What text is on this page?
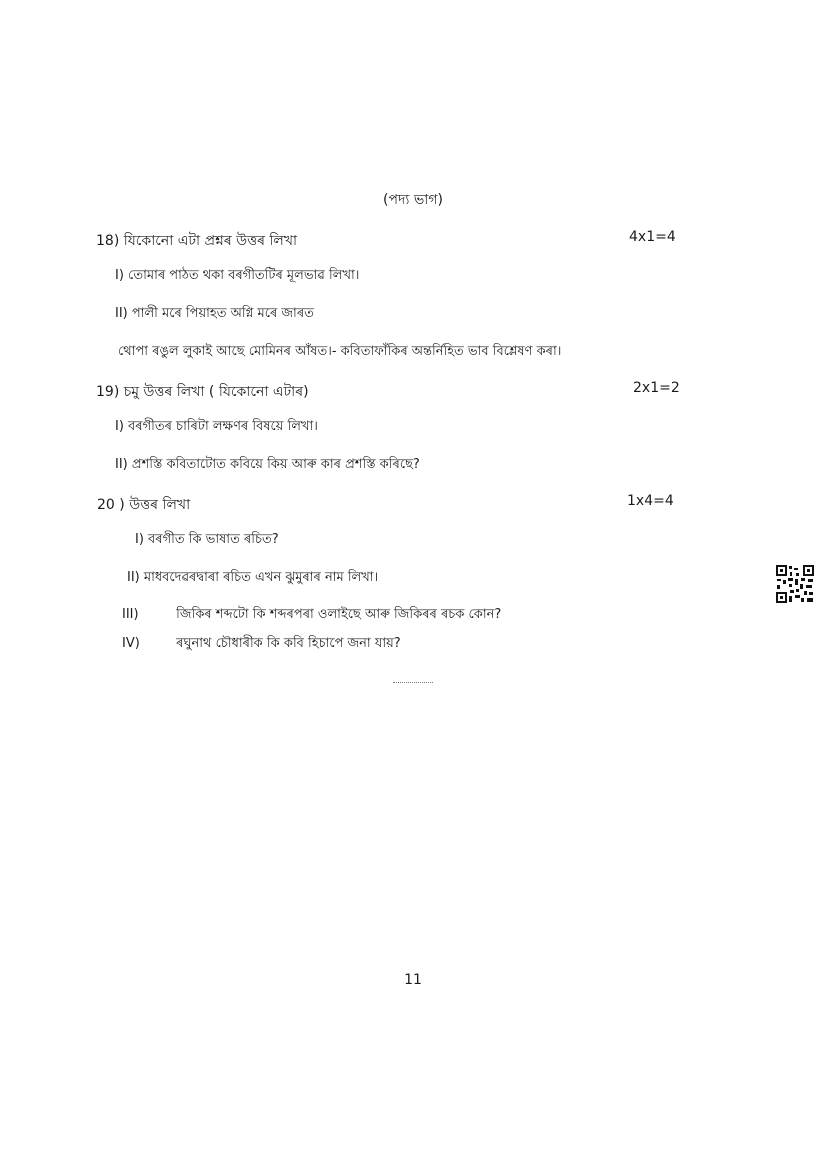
(পদ্য ভাগ)
18) যিকোনো এটা প্ৰশ্নৰ উত্তৰ লিখা	4x1=4
I) তোমাৰ পাঠত থকা বৰগীতটিৰ মূলভাৱ লিখা।
II) পালী মৰে পিয়াহত অগ্নি মৰে জাৰত
থোপা ৰঙুল লুকাই আছে মোমিনৰ আঁষত।- কবিতাফাঁকিৰ অন্তৰ্নিহিত ভাব বিশ্লেষণ কৰা।
19) চমু উত্তৰ লিখা ( যিকোনো এটাৰ)	2x1=2
I) বৰগীতৰ চাৰিটা লক্ষণৰ বিষয়ে লিখা।
II) প্ৰশস্তি কবিতাটোত কবিয়ে কিয় আৰু কাৰ প্ৰশস্তি কৰিছে?
20 ) উত্তৰ লিখা	1x4=4
I) বৰগীত কি ভাষাত ৰচিত?
II) মাধবদেৱৰদ্বাৰা ৰচিত এখন ঝুমুৰাৰ নাম লিখা।
III)	জিকিৰ শব্দটো কি শব্দৰপৰা ওলাইছে আৰু জিকিৰৰ ৰচক কোন?
IV)	ৰঘুনাথ চৌধাৰীক কি কবি হিচাপে জনা যায়?
11
